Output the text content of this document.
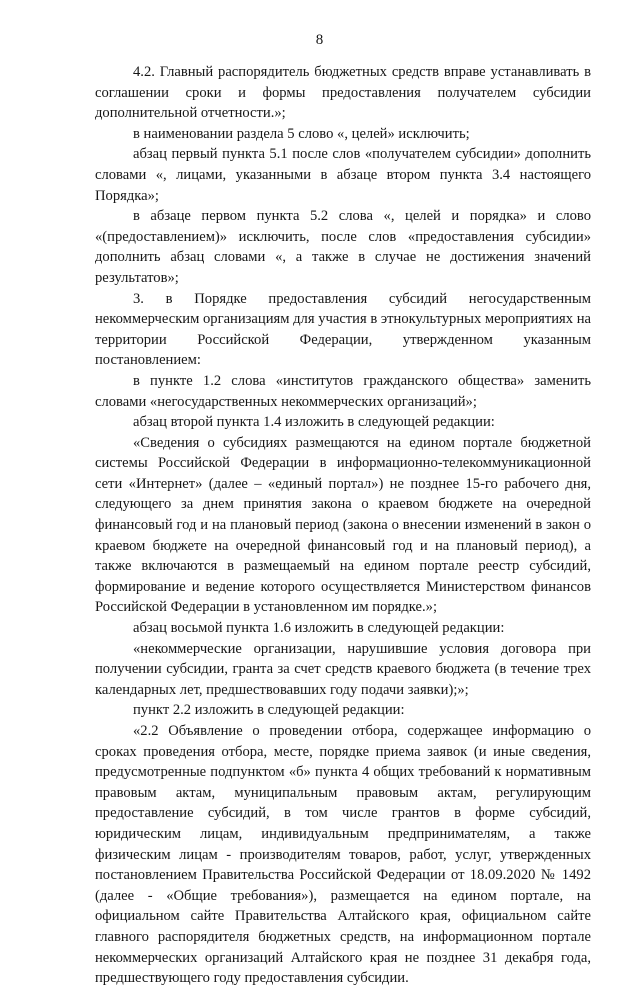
8

4.2. Главный распорядитель бюджетных средств вправе устанавливать в соглашении сроки и формы предоставления получателем субсидии дополнительной отчетности.»;

в наименовании раздела 5 слово «, целей» исключить;

абзац первый пункта 5.1 после слов «получателем субсидии» дополнить словами «, лицами, указанными в абзаце втором пункта 3.4 настоящего Порядка»;

в абзаце первом пункта 5.2 слова «, целей и порядка» и слово «(предоставлением)» исключить, после слов «предоставления субсидии» дополнить абзац словами «, а также в случае не достижения значений результатов»;

3. в Порядке предоставления субсидий негосударственным некоммерческим организациям для участия в этнокультурных мероприятиях на территории Российской Федерации, утвержденном указанным постановлением:

в пункте 1.2 слова «институтов гражданского общества» заменить словами «негосударственных некоммерческих организаций»;

абзац второй пункта 1.4 изложить в следующей редакции:

«Сведения о субсидиях размещаются на едином портале бюджетной системы Российской Федерации в информационно-телекоммуникационной сети «Интернет» (далее – «единый портал») не позднее 15-го рабочего дня, следующего за днем принятия закона о краевом бюджете на очередной финансовый год и на плановый период (закона о внесении изменений в закон о краевом бюджете на очередной финансовый год и на плановый период), а также включаются в размещаемый на едином портале реестр субсидий, формирование и ведение которого осуществляется Министерством финансов Российской Федерации в установленном им порядке.»;

абзац восьмой пункта 1.6 изложить в следующей редакции:

«некоммерческие организации, нарушившие условия договора при получении субсидии, гранта за счет средств краевого бюджета (в течение трех календарных лет, предшествовавших году подачи заявки);»;

пункт 2.2 изложить в следующей редакции:

«2.2 Объявление о проведении отбора, содержащее информацию о сроках проведения отбора, месте, порядке приема заявок (и иные сведения, предусмотренные подпунктом «б» пункта 4 общих требований к нормативным правовым актам, муниципальным правовым актам, регулирующим предоставление субсидий, в том числе грантов в форме субсидий, юридическим лицам, индивидуальным предпринимателям, а также физическим лицам - производителям товаров, работ, услуг, утвержденных постановлением Правительства Российской Федерации от 18.09.2020 № 1492 (далее - «Общие требования»), размещается на едином портале, на официальном сайте Правительства Алтайского края, официальном сайте главного распорядителя бюджетных средств, на информационном портале некоммерческих организаций Алтайского края не позднее 31 декабря года, предшествующего году предоставления субсидии.
